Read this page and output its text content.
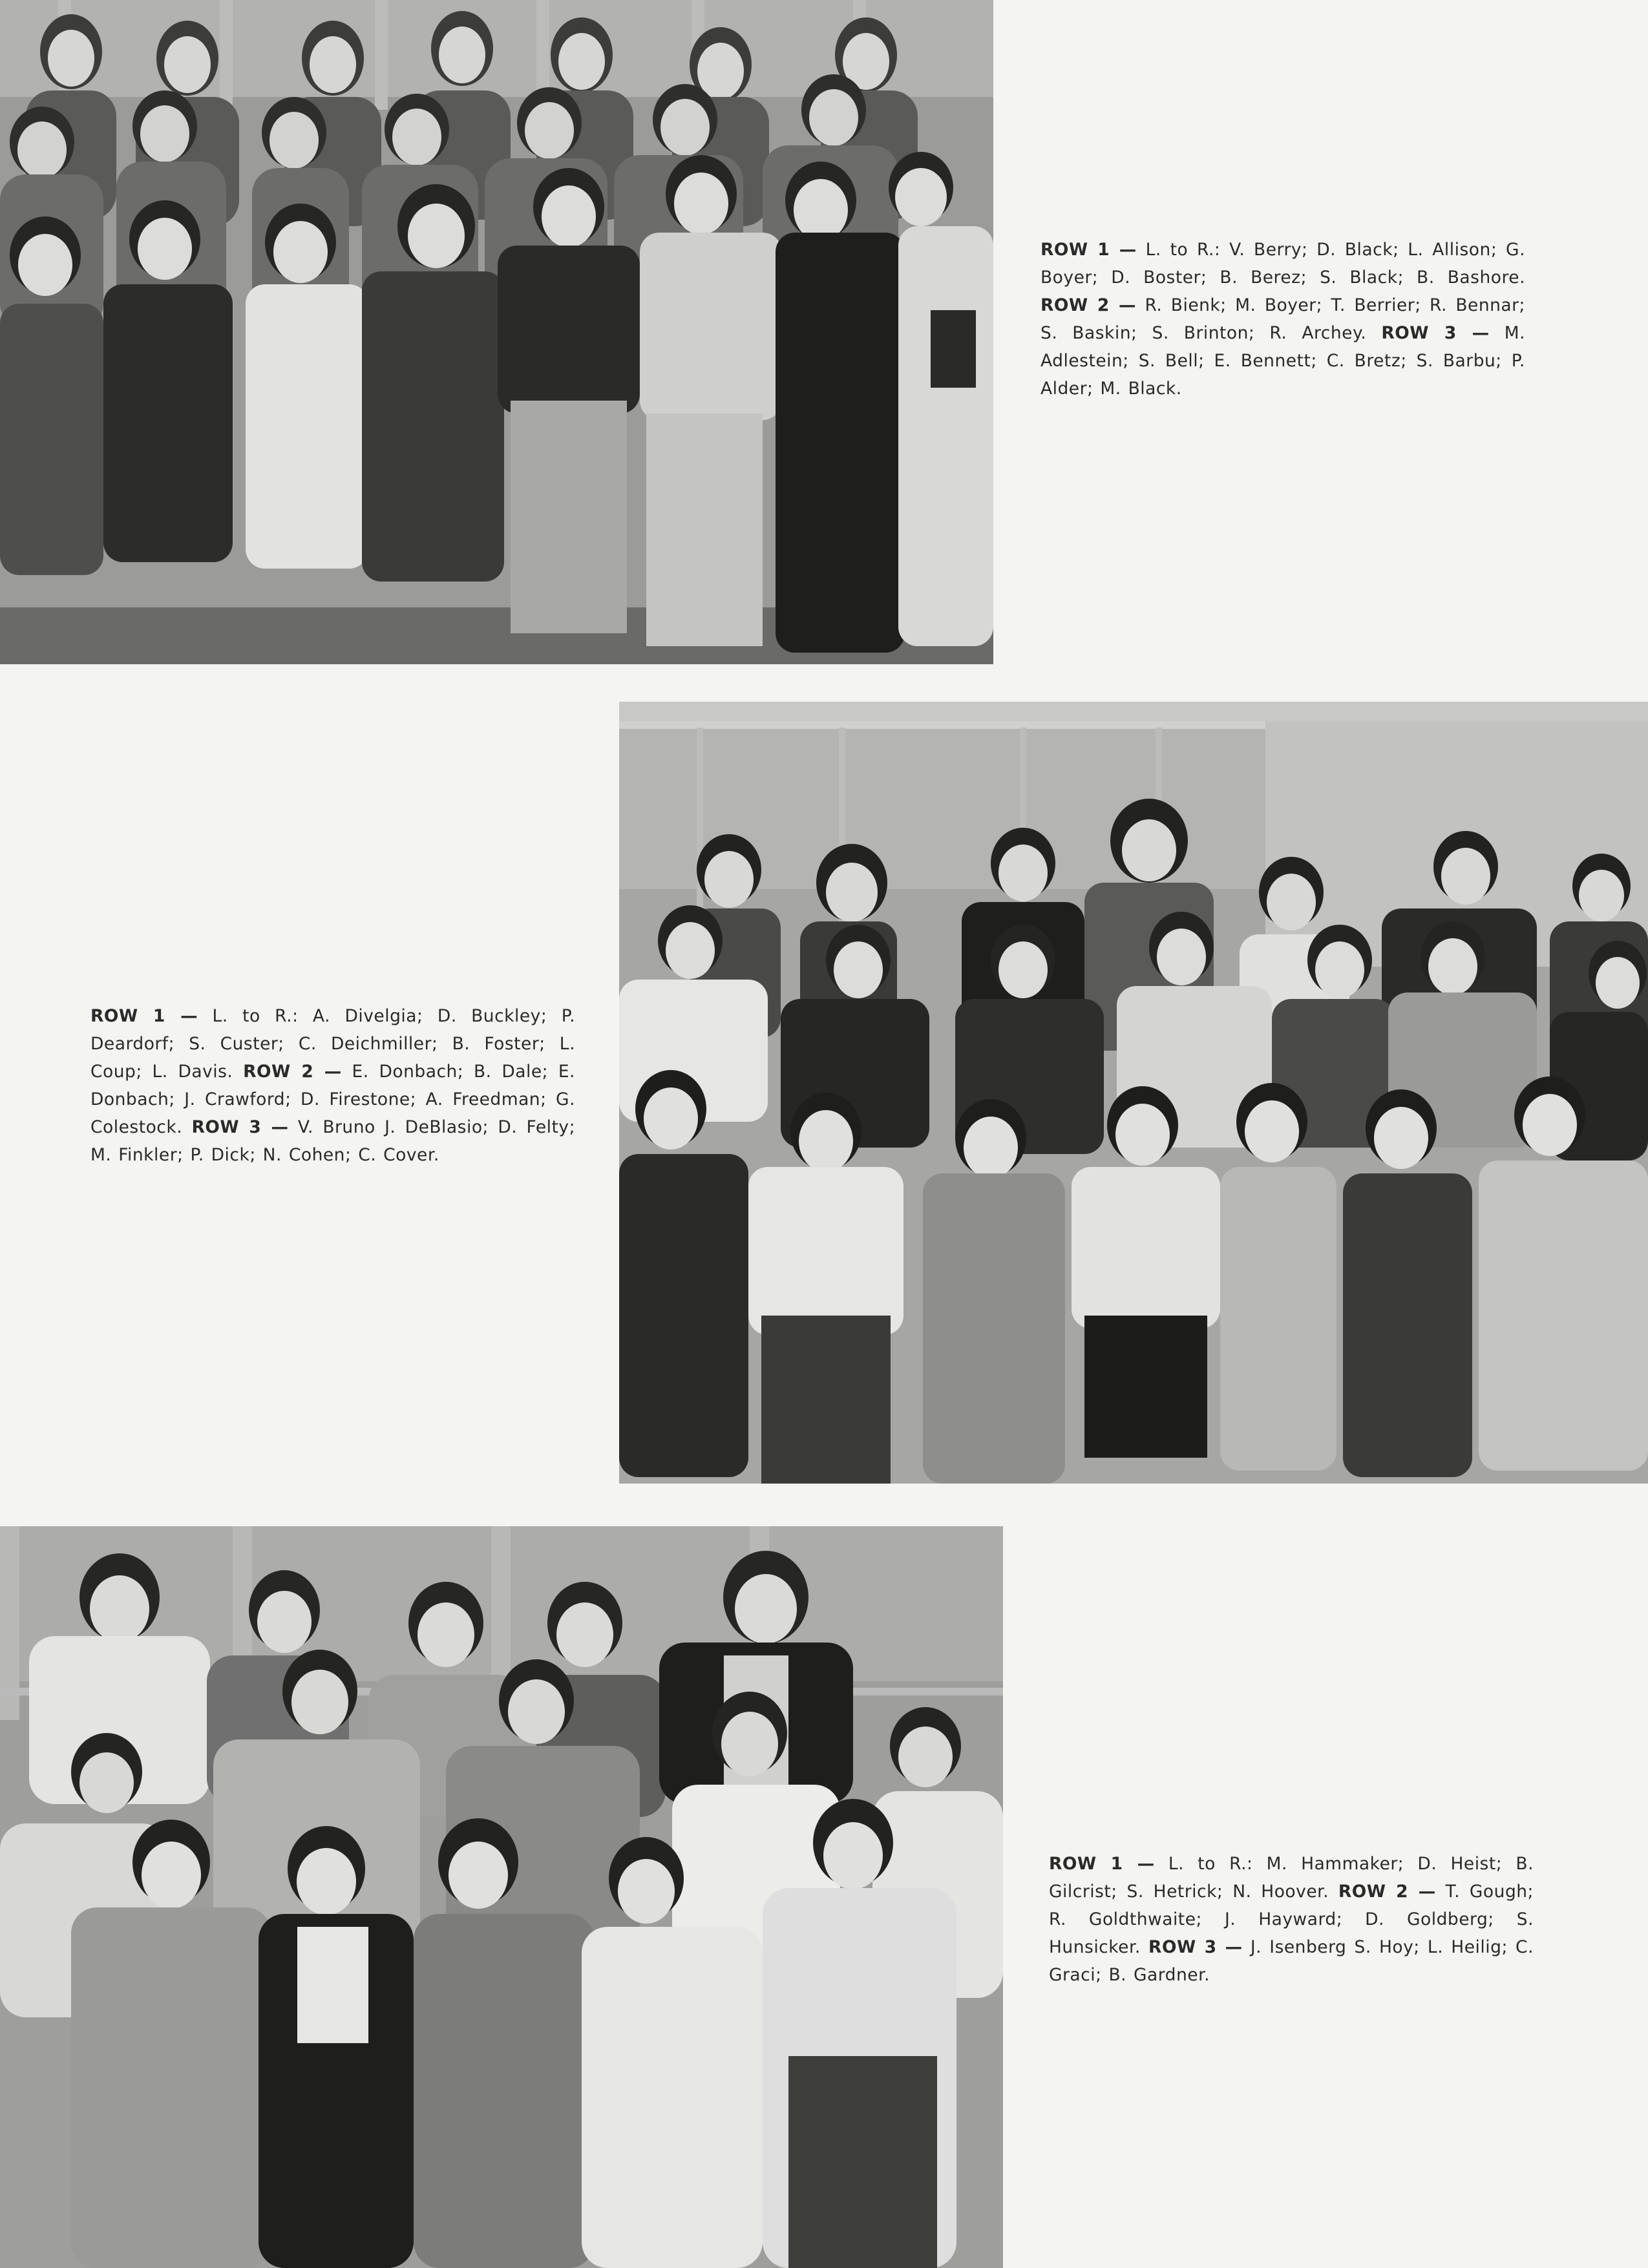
ROW 1 — L. to R.: V. Berry; D. Black; L. Allison; G. Boyer; D. Boster; B. Berez; S. Black; B. Bashore. ROW 2 — R. Bienk; M. Boyer; T. Berrier; R. Bennar; S. Baskin; S. Brinton; R. Archey. ROW 3 — M. Adlestein; S. Bell; E. Bennett; C. Bretz; S. Barbu; P. Alder; M. Black.

ROW 1 — L. to R.: A. Divelgia; D. Buckley; P. Deardorf; S. Custer; C. Deichmiller; B. Foster; L. Coup; L. Davis. ROW 2 — E. Donbach; B. Dale; E. Donbach; J. Crawford; D. Firestone; A. Freedman; G. Colestock. ROW 3 — V. Bruno J. DeBlasio; D. Felty; M. Finkler; P. Dick; N. Cohen; C. Cover.

ROW 1 — L. to R.: M. Hammaker; D. Heist; B. Gilcrist; S. Hetrick; N. Hoover. ROW 2 — T. Gough; R. Goldthwaite; J. Hayward; D. Goldberg; S. Hunsicker. ROW 3 — J. Isenberg S. Hoy; L. Heilig; C. Graci; B. Gardner.
